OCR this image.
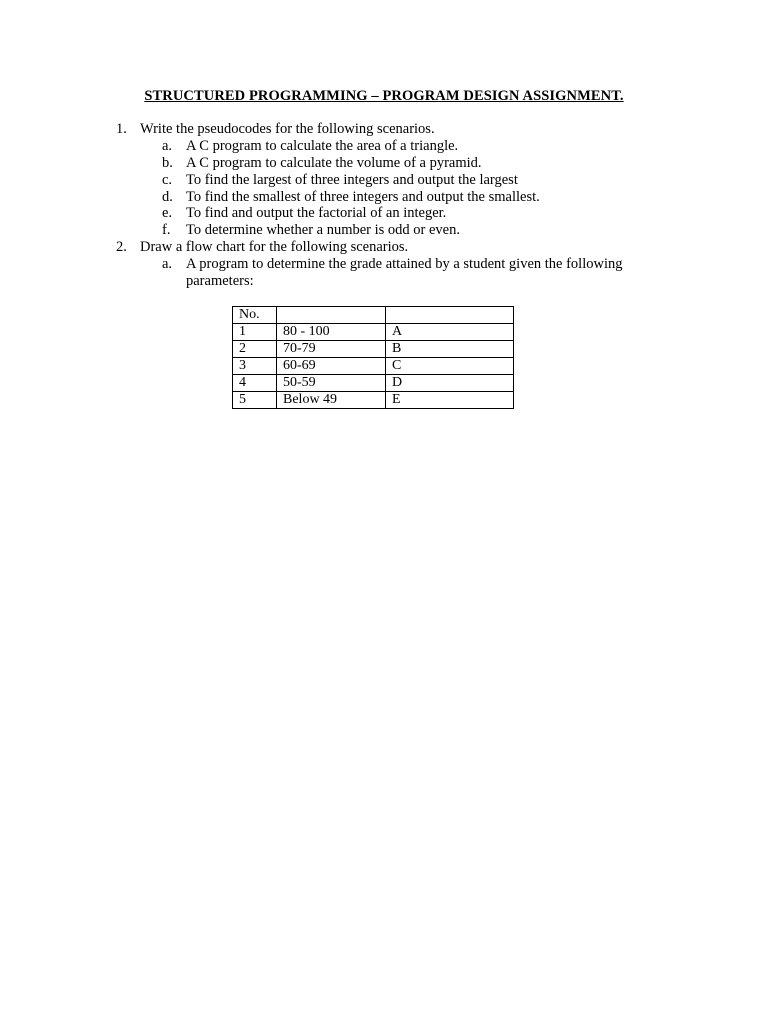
STRUCTURED PROGRAMMING – PROGRAM DESIGN ASSIGNMENT.
1. Write the pseudocodes for the following scenarios.
a. A C program to calculate the area of a triangle.
b. A C program to calculate the volume of a pyramid.
c. To find the largest of three integers and output the largest
d. To find the smallest of three integers and output the smallest.
e. To find and output the factorial of an integer.
f. To determine whether a number is odd or even.
2. Draw a flow chart for the following scenarios.
a. A program to determine the grade attained by a student given the following
parameters:
No.		
1	80 - 100	A
2	70-79	B
3	60-69	C
4	50-59	D
5	Below 49	E
